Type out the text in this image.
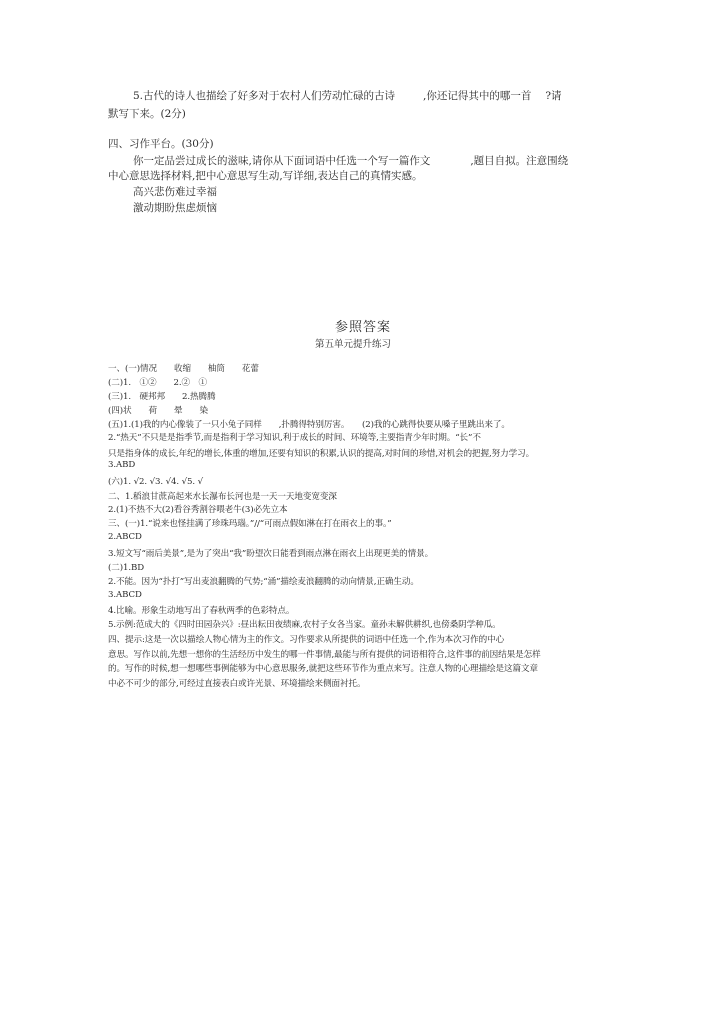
5.古代的诗人也描绘了好多对于农村人们劳动忙碌的古诗	,你还记得其中的哪一首 ?请
默写下来。(2分)
四、习作平台。(30分)
你一定品尝过成长的滋味,请你从下面词语中任选一个写一篇作文	,题目自拟。注意围绕
中心意思选择材料,把中心意思写生动,写详细,表达自己的真情实感。
高兴悲伤难过幸福
激动期盼焦虑烦恼
参照答案
第五单元提升练习
一、(一)情况　　收缩　　柚筒　　花蕾
(二)1.　①②　　2.②　①
(三)1.　硬邦邦　　2.热腾腾
(四)状　　荷　　晕　　染
(五)1.(1)我的内心像装了一只小兔子同样　　,扑腾得特别厉害。　　(2)我的心跳得快要从嗓子里跳出来了。
2.“热天”不只是是指季节,而是指利于学习知识,利于成长的时间、环境等,主要指青少年时期。“长”不
只是指身体的成长,年纪的增长,体重的增加,还要有知识的积累,认识的提高,对时间的珍惜,对机会的把握,努力学习。
3.ABD
(六)1. √2. √3. √4. √5. √
二、1.稻浪甘蔗高起来水长瀑布长河也是一天一天地变宽变深
2.(1)不热不大(2)看谷秀割谷喂老牛(3)必先立本
三、(一)1.“说来也怪挂满了珍珠玛瑙。”//“可雨点假如淋在打在雨衣上的事。”
2.ABCD
3.短文写“雨后美景”,是为了突出“我”盼望次日能看到雨点淋在雨衣上出现更美的情景。
(二)1.BD
2.不能。因为“扑打”写出麦浪翻腾的气势;“涌”描绘麦浪翻腾的动向情景,正确生动。
3.ABCD
4.比喻。形象生动地写出了春秋两季的色彩特点。
5.示例:范成大的《四时田园杂兴》:昼出耘田夜绩麻,农村子女各当家。童孙未解供耕织,也傍桑阴学种瓜。
四、提示:这是一次以描绘人物心情为主的作文。习作要求从所提供的词语中任选一个,作为本次习作的中心
意思。写作以前,先想一想你的生活经历中发生的哪一件事情,最能与所有提供的词语相符合,这件事的前因结果是怎样
的。写作的时候,想一想哪些事例能够为中心意思服务,就把这些环节作为重点来写。注意人物的心理描绘是这篇文章
中必不可少的部分,可经过直接表白或许光景、环境描绘来侧面衬托。
